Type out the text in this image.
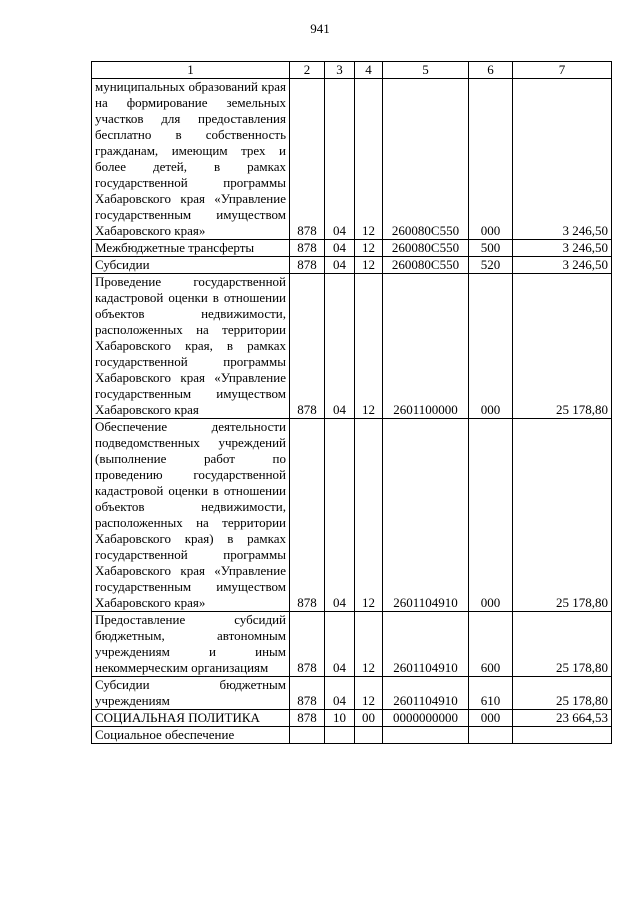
941
1	2	3	4	5	6	7
муниципальных образований края на формирование земельных участков для предоставления бесплатно в собственность гражданам, имеющим трех и более детей, в рамках государственной программы Хабаровского края «Управление государственным имуществом Хабаровского края»	878	04	12	260080С550	000	3 246,50
Межбюджетные трансферты	878	04	12	260080С550	500	3 246,50
Субсидии	878	04	12	260080С550	520	3 246,50
Проведение государственной кадастровой оценки в отношении объектов недвижимости, расположенных на территории Хабаровского края, в рамках государственной программы Хабаровского края «Управление государственным имуществом Хабаровского края	878	04	12	2601100000	000	25 178,80
Обеспечение деятельности подведомственных учреждений (выполнение работ по проведению государственной кадастровой оценки в отношении объектов недвижимости, расположенных на территории Хабаровского края) в рамках государственной программы Хабаровского края «Управление государственным имуществом Хабаровского края»	878	04	12	2601104910	000	25 178,80
Предоставление субсидий бюджетным, автономным учреждениям и иным некоммерческим организациям	878	04	12	2601104910	600	25 178,80
Субсидии бюджетным учреждениям	878	04	12	2601104910	610	25 178,80
СОЦИАЛЬНАЯ ПОЛИТИКА	878	10	00	0000000000	000	23 664,53
Социальное обеспечение						
